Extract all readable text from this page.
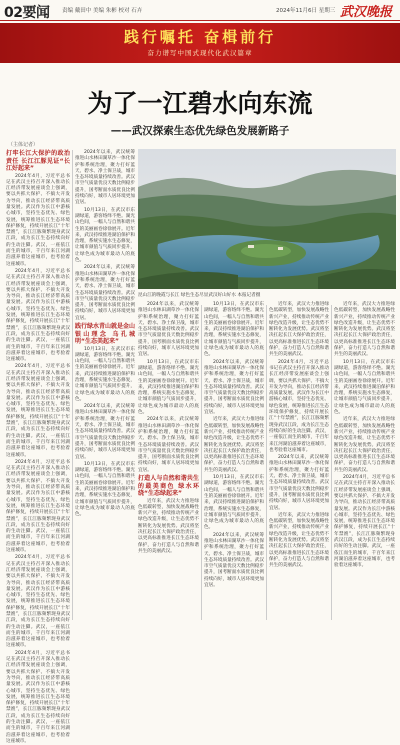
02要闻 责编 戴田中 美编 朱彬 校对 石卉	2024年11月6日 星期三 武汉晚报
践行嘱托 奋楫前行
奋力谱写中国式现代化武汉篇章
为了一江碧水向东流
——武汉探索生态优先绿色发展新路子
（主体记者）

打牢长江大保护的政治责任 长江江豚见证“长江好起来”

2024年4月，习近平总书记在武汉主持召开深入推动长江经济带发展座谈会上强调，要以共抓大保护、不搞大开发为导向，推动长江经济带高质量发展。武汉作为长江中游核心城市，坚持生态优先、绿色发展，统筹推进长江生态环境保护修复，持续开展长江“十年禁渔”，长江江豚频繁现身武汉江段，成为长江生态持续向好的生动注脚。武汉，一座依江而生的城市，千百年来江河湖泊滋养着这座城市，也考验着这座城市。

2024年4月，习近平总书记在武汉主持召开深入推动长江经济带发展座谈会上强调，要以共抓大保护、不搞大开发为导向，推动长江经济带高质量发展。武汉作为长江中游核心城市，坚持生态优先、绿色发展，统筹推进长江生态环境保护修复，持续开展长江“十年禁渔”，长江江豚频繁现身武汉江段，成为长江生态持续向好的生动注脚。武汉，一座依江而生的城市，千百年来江河湖泊滋养着这座城市，也考验着这座城市。

2024年4月，习近平总书记在武汉主持召开深入推动长江经济带发展座谈会上强调，要以共抓大保护、不搞大开发为导向，推动长江经济带高质量发展。武汉作为长江中游核心城市，坚持生态优先、绿色发展，统筹推进长江生态环境保护修复，持续开展长江“十年禁渔”，长江江豚频繁现身武汉江段，成为长江生态持续向好的生动注脚。武汉，一座依江而生的城市，千百年来江河湖泊滋养着这座城市，也考验着这座城市。

2024年4月，习近平总书记在武汉主持召开深入推动长江经济带发展座谈会上强调，要以共抓大保护、不搞大开发为导向，推动长江经济带高质量发展。武汉作为长江中游核心城市，坚持生态优先、绿色发展，统筹推进长江生态环境保护修复，持续开展长江“十年禁渔”，长江江豚频繁现身武汉江段，成为长江生态持续向好的生动注脚。武汉，一座依江而生的城市，千百年来江河湖泊滋养着这座城市，也考验着这座城市。

2024年4月，习近平总书记在武汉主持召开深入推动长江经济带发展座谈会上强调，要以共抓大保护、不搞大开发为导向，推动长江经济带高质量发展。武汉作为长江中游核心城市，坚持生态优先、绿色发展，统筹推进长江生态环境保护修复，持续开展长江“十年禁渔”，长江江豚频繁现身武汉江段，成为长江生态持续向好的生动注脚。武汉，一座依江而生的城市，千百年来江河湖泊滋养着这座城市，也考验着这座城市。

2024年4月，习近平总书记在武汉主持召开深入推动长江经济带发展座谈会上强调，要以共抓大保护、不搞大开发为导向，推动长江经济带高质量发展。武汉作为长江中游核心城市，坚持生态优先、绿色发展，统筹推进长江生态环境保护修复，持续开展长江“十年禁渔”，长江江豚频繁现身武汉江段，成为长江生态持续向好的生动注脚。武汉，一座依江而生的城市，千百年来江河湖泊滋养着这座城市，也考验着这座城市。

2024年以来，武汉统筹推进山水林田湖草沙一体化保护和系统治理，聚力打好蓝天、碧水、净土保卫战，城市生态环境质量持续改善。武汉市空气质量优良天数比例稳步提升，国考断面水质优良比例持续向好，城市人居环境更加宜居。

10月13日，在武汉市东湖绿道，游客络绎不绝。湖光山色间，一幅人与自然和谐共生的美丽画卷徐徐展开。近年来，武汉持续推进湖泊保护和治理，系统实施水生态修复，让城市颜值与气质同步提升，让绿色成为城市最动人的底色。

2024年以来，武汉统筹推进山水林田湖草沙一体化保护和系统治理，聚力打好蓝天、碧水、净土保卫战，城市生态环境质量持续改善。武汉市空气质量优良天数比例稳步提升，国考断面水质优良比例持续向好，城市人居环境更加宜居。

践行绿水青山就是金山银山理念 乌孔城明“生态美起来”

10月13日，在武汉市东湖绿道，游客络绎不绝。湖光山色间，一幅人与自然和谐共生的美丽画卷徐徐展开。近年来，武汉持续推进湖泊保护和治理，系统实施水生态修复，让城市颜值与气质同步提升，让绿色成为城市最动人的底色。

2024年以来，武汉统筹推进山水林田湖草沙一体化保护和系统治理，聚力打好蓝天、碧水、净土保卫战，城市生态环境质量持续改善。武汉市空气质量优良天数比例稳步提升，国考断面水质优良比例持续向好，城市人居环境更加宜居。

10月13日，在武汉市东湖绿道，游客络绎不绝。湖光山色间，一幅人与自然和谐共生的美丽画卷徐徐展开。近年来，武汉持续推进湖泊保护和治理，系统实施水生态修复，让城市颜值与气质同步提升，让绿色成为城市最动人的底色。

昆山江的晚霞与长江 绿色生态尽显武汉好山好水 本报记者摄

2024年以来，武汉统筹推进山水林田湖草沙一体化保护和系统治理，聚力打好蓝天、碧水、净土保卫战，城市生态环境质量持续改善。武汉市空气质量优良天数比例稳步提升，国考断面水质优良比例持续向好，城市人居环境更加宜居。

10月13日，在武汉市东湖绿道，游客络绎不绝。湖光山色间，一幅人与自然和谐共生的美丽画卷徐徐展开。近年来，武汉持续推进湖泊保护和治理，系统实施水生态修复，让城市颜值与气质同步提升，让绿色成为城市最动人的底色。

2024年以来，武汉统筹推进山水林田湖草沙一体化保护和系统治理，聚力打好蓝天、碧水、净土保卫战，城市生态环境质量持续改善。武汉市空气质量优良天数比例稳步提升，国考断面水质优良比例持续向好，城市人居环境更加宜居。

打造人与自然和谐共生的最美商色 绿水环绕“生态绿起来”

近年来，武汉大力推进绿色低碳转型，加快发展战略性新兴产业，持续推动传统产业绿色改造升级，让生态优势不断转化为发展优势。武汉将坚决扛起长江大保护政治责任，以更高标准推进长江生态环境保护，奋力打造人与自然和谐共生的美丽武汉。

10月13日，在武汉市东湖绿道，游客络绎不绝。湖光山色间，一幅人与自然和谐共生的美丽画卷徐徐展开。近年来，武汉持续推进湖泊保护和治理，系统实施水生态修复，让城市颜值与气质同步提升，让绿色成为城市最动人的底色。

2024年以来，武汉统筹推进山水林田湖草沙一体化保护和系统治理，聚力打好蓝天、碧水、净土保卫战，城市生态环境质量持续改善。武汉市空气质量优良天数比例稳步提升，国考断面水质优良比例持续向好，城市人居环境更加宜居。

近年来，武汉大力推进绿色低碳转型，加快发展战略性新兴产业，持续推动传统产业绿色改造升级，让生态优势不断转化为发展优势。武汉将坚决扛起长江大保护政治责任，以更高标准推进长江生态环境保护，奋力打造人与自然和谐共生的美丽武汉。

10月13日，在武汉市东湖绿道，游客络绎不绝。湖光山色间，一幅人与自然和谐共生的美丽画卷徐徐展开。近年来，武汉持续推进湖泊保护和治理，系统实施水生态修复，让城市颜值与气质同步提升，让绿色成为城市最动人的底色。

2024年以来，武汉统筹推进山水林田湖草沙一体化保护和系统治理，聚力打好蓝天、碧水、净土保卫战，城市生态环境质量持续改善。武汉市空气质量优良天数比例稳步提升，国考断面水质优良比例持续向好，城市人居环境更加宜居。

近年来，武汉大力推进绿色低碳转型，加快发展战略性新兴产业，持续推动传统产业绿色改造升级，让生态优势不断转化为发展优势。武汉将坚决扛起长江大保护政治责任，以更高标准推进长江生态环境保护，奋力打造人与自然和谐共生的美丽武汉。

2024年4月，习近平总书记在武汉主持召开深入推动长江经济带发展座谈会上强调，要以共抓大保护、不搞大开发为导向，推动长江经济带高质量发展。武汉作为长江中游核心城市，坚持生态优先、绿色发展，统筹推进长江生态环境保护修复，持续开展长江“十年禁渔”，长江江豚频繁现身武汉江段，成为长江生态持续向好的生动注脚。武汉，一座依江而生的城市，千百年来江河湖泊滋养着这座城市，也考验着这座城市。

2024年以来，武汉统筹推进山水林田湖草沙一体化保护和系统治理，聚力打好蓝天、碧水、净土保卫战，城市生态环境质量持续改善。武汉市空气质量优良天数比例稳步提升，国考断面水质优良比例持续向好，城市人居环境更加宜居。

近年来，武汉大力推进绿色低碳转型，加快发展战略性新兴产业，持续推动传统产业绿色改造升级，让生态优势不断转化为发展优势。武汉将坚决扛起长江大保护政治责任，以更高标准推进长江生态环境保护，奋力打造人与自然和谐共生的美丽武汉。

近年来，武汉大力推进绿色低碳转型，加快发展战略性新兴产业，持续推动传统产业绿色改造升级，让生态优势不断转化为发展优势。武汉将坚决扛起长江大保护政治责任，以更高标准推进长江生态环境保护，奋力打造人与自然和谐共生的美丽武汉。

10月13日，在武汉市东湖绿道，游客络绎不绝。湖光山色间，一幅人与自然和谐共生的美丽画卷徐徐展开。近年来，武汉持续推进湖泊保护和治理，系统实施水生态修复，让城市颜值与气质同步提升，让绿色成为城市最动人的底色。

近年来，武汉大力推进绿色低碳转型，加快发展战略性新兴产业，持续推动传统产业绿色改造升级，让生态优势不断转化为发展优势。武汉将坚决扛起长江大保护政治责任，以更高标准推进长江生态环境保护，奋力打造人与自然和谐共生的美丽武汉。

2024年4月，习近平总书记在武汉主持召开深入推动长江经济带发展座谈会上强调，要以共抓大保护、不搞大开发为导向，推动长江经济带高质量发展。武汉作为长江中游核心城市，坚持生态优先、绿色发展，统筹推进长江生态环境保护修复，持续开展长江“十年禁渔”，长江江豚频繁现身武汉江段，成为长江生态持续向好的生动注脚。武汉，一座依江而生的城市，千百年来江河湖泊滋养着这座城市，也考验着这座城市。
